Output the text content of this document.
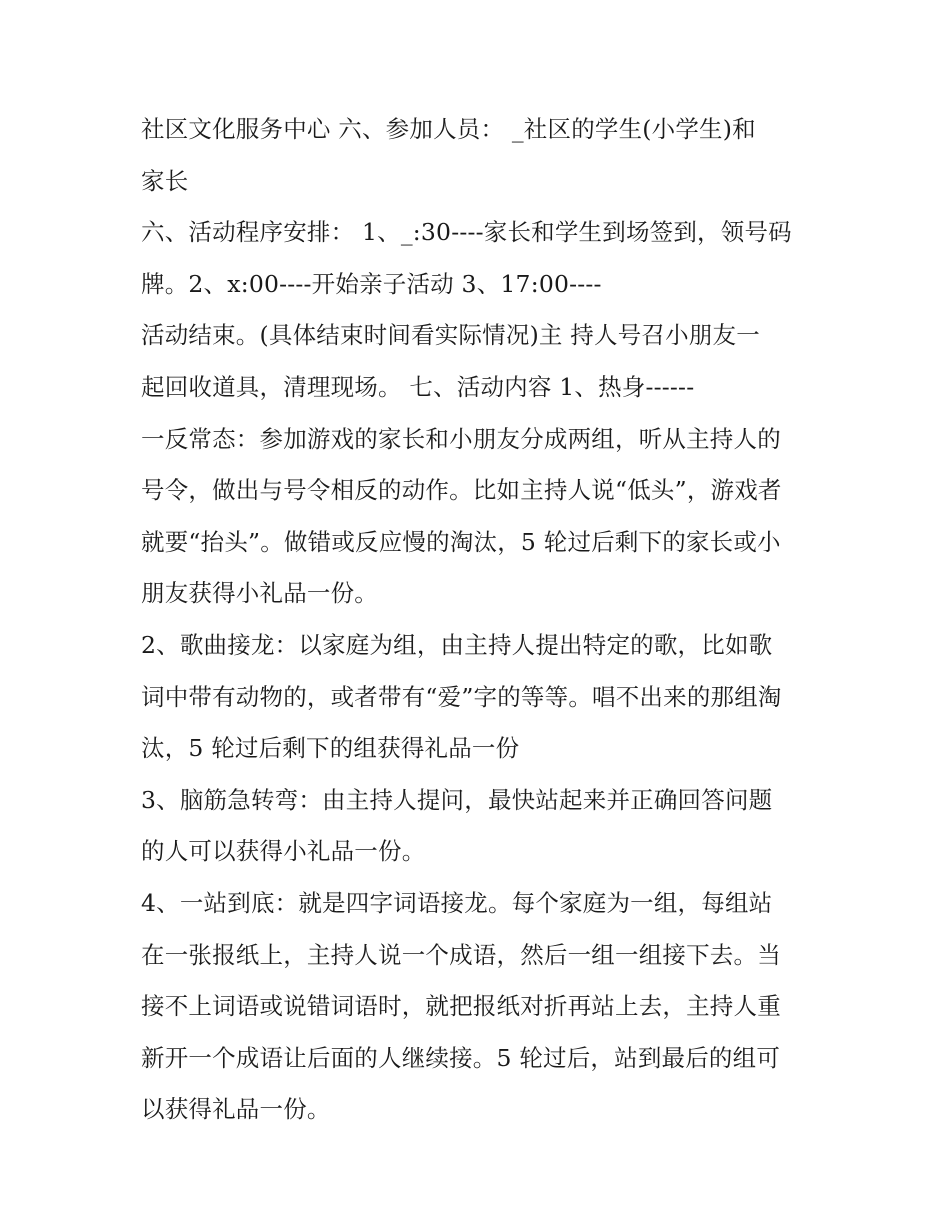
社区文化服务中心 六、参加人员： _社区的学生(小学生)和
家长
六、活动程序安排： 1、_:30----家长和学生到场签到，领号码
牌。2、x:00----开始亲子活动 3、17:00----
活动结束。(具体结束时间看实际情况)主 持人号召小朋友一
起回收道具，清理现场。 七、活动内容 1、热身------
一反常态：参加游戏的家长和小朋友分成两组，听从主持人的
号令，做出与号令相反的动作。比如主持人说“低头”，游戏者
就要“抬头”。做错或反应慢的淘汰，5 轮过后剩下的家长或小
朋友获得小礼品一份。
2、歌曲接龙：以家庭为组，由主持人提出特定的歌，比如歌
词中带有动物的，或者带有“爱”字的等等。唱不出来的那组淘
汰，5 轮过后剩下的组获得礼品一份
3、脑筋急转弯：由主持人提问，最快站起来并正确回答问题
的人可以获得小礼品一份。
4、一站到底：就是四字词语接龙。每个家庭为一组，每组站
在一张报纸上，主持人说一个成语，然后一组一组接下去。当
接不上词语或说错词语时，就把报纸对折再站上去，主持人重
新开一个成语让后面的人继续接。5 轮过后，站到最后的组可
以获得礼品一份。
